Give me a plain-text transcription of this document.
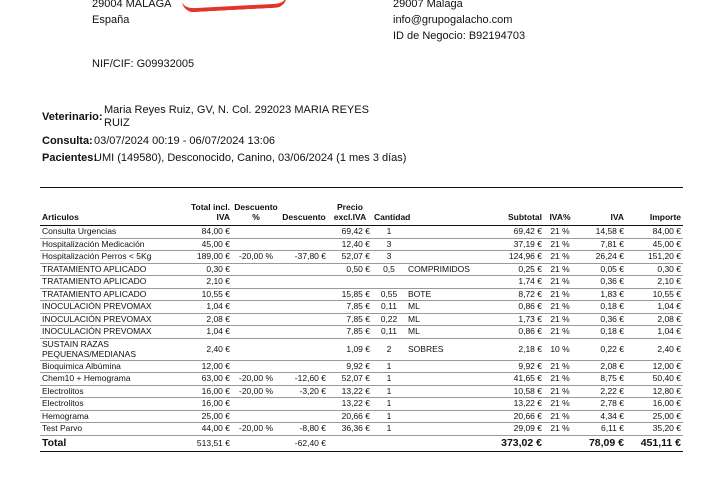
29004 MALAGA
España
29007 Malaga
info@grupogalacho.com
ID de Negocio: B92194703
NIF/CIF: G09932005
Veterinario:
Maria Reyes Ruiz, GV, N. Col. 292023 MARIA REYES RUIZ
Consulta: 03/07/2024 00:19 - 06/07/2024 13:06
Pacientes:
UMI (149580), Desconocido, Canino, 03/06/2024 (1 mes 3 días)
Articulos	Total incl. IVA	Descuento %	Descuento	Precio excl.IVA	Cantidad		Subtotal	IVA%	IVA	Importe
Consulta Urgencias	84,00 €			69,42 €	1		69,42 €	21 %	14,58 €	84,00 €
Hospitalización Medicación	45,00 €			12,40 €	3		37,19 €	21 %	7,81 €	45,00 €
Hospitalización Perros < 5Kg	189,00 €	-20,00 %	-37,80 €	52,07 €	3		124,96 €	21 %	26,24 €	151,20 €
TRATAMIENTO APLICADO	0,30 €			0,50 €	0,5	COMPRIMIDOS	0,25 €	21 %	0,05 €	0,30 €
TRATAMIENTO APLICADO	2,10 €						1,74 €	21 %	0,36 €	2,10 €
TRATAMIENTO APLICADO	10,55 €			15,85 €	0,55	BOTE	8,72 €	21 %	1,83 €	10,55 €
INOCULACIÓN PREVOMAX	1,04 €			7,85 €	0,11	ML	0,86 €	21 %	0,18 €	1,04 €
INOCULACIÓN PREVOMAX	2,08 €			7,85 €	0,22	ML	1,73 €	21 %	0,36 €	2,08 €
INOCULACIÓN PREVOMAX	1,04 €			7,85 €	0,11	ML	0,86 €	21 %	0,18 €	1,04 €
SUSTAIN RAZAS PEQUENAS/MEDIANAS	2,40 €			1,09 €	2	SOBRES	2,18 €	10 %	0,22 €	2,40 €
Bioquimica Albúmina	12,00 €			9,92 €	1		9,92 €	21 %	2,08 €	12,00 €
Chem10 + Hemograma	63,00 €	-20,00 %	-12,60 €	52,07 €	1		41,65 €	21 %	8,75 €	50,40 €
Electrolitos	16,00 €	-20,00 %	-3,20 €	13,22 €	1		10,58 €	21 %	2,22 €	12,80 €
Electrolitos	16,00 €			13,22 €	1		13,22 €	21 %	2,78 €	16,00 €
Hemograma	25,00 €			20,66 €	1		20,66 €	21 %	4,34 €	25,00 €
Test Parvo	44,00 €	-20,00 %	-8,80 €	36,36 €	1		29,09 €	21 %	6,11 €	35,20 €
Total	513,51 €		-62,40 €				373,02 €		78,09 €	451,11 €
